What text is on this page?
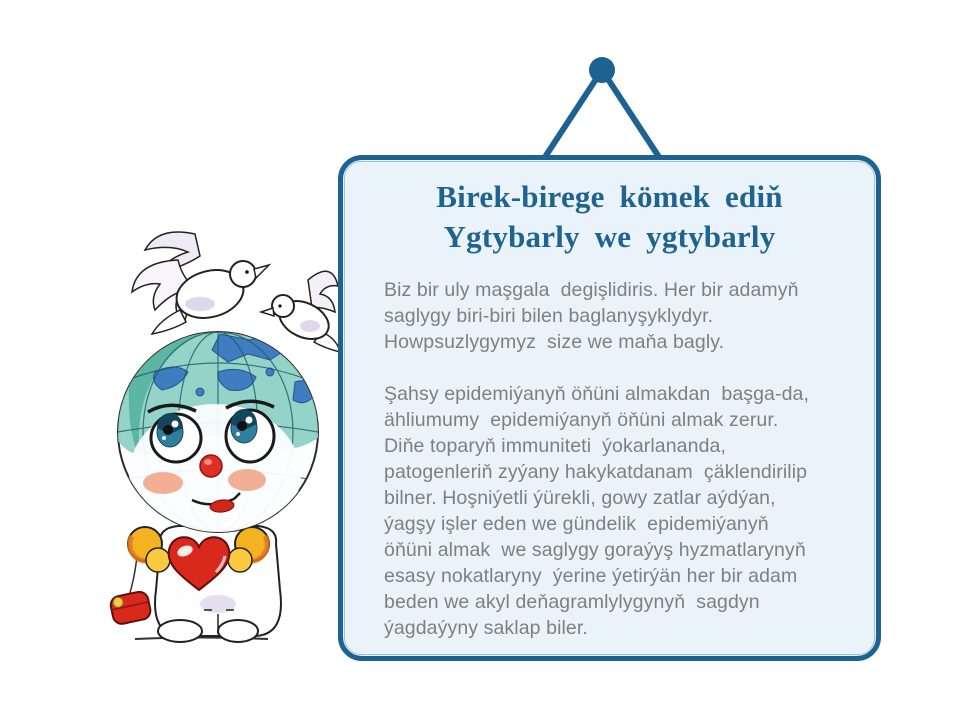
Birek-birege kömek ediň
Ygtybarly we ygtybarly
Biz bir uly maşgala  degişlidiris. Her bir adamyň
saglygy biri-biri bilen baglanyşyklydyr.
Howpsuzlygymyz  size we maňa bagly.
Şahsy epidemiýanyň öňüni almakdan  başga-da,
ähliumumy  epidemiýanyň öňüni almak zerur.
Diňe toparyň immuniteti  ýokarlananda,
patogenleriň zyýany hakykatdanam  çäklendirilip
bilner. Hoşniýetli ýürekli, gowy zatlar aýdýan,
ýagşy işler eden we gündelik  epidemiýanyň
öňüni almak  we saglygy goraýyş hyzmatlarynyň
esasy nokatlaryny  ýerine ýetirýän her bir adam
beden we akyl deňagramlylygynyň  sagdyn
ýagdaýyny saklap biler.
